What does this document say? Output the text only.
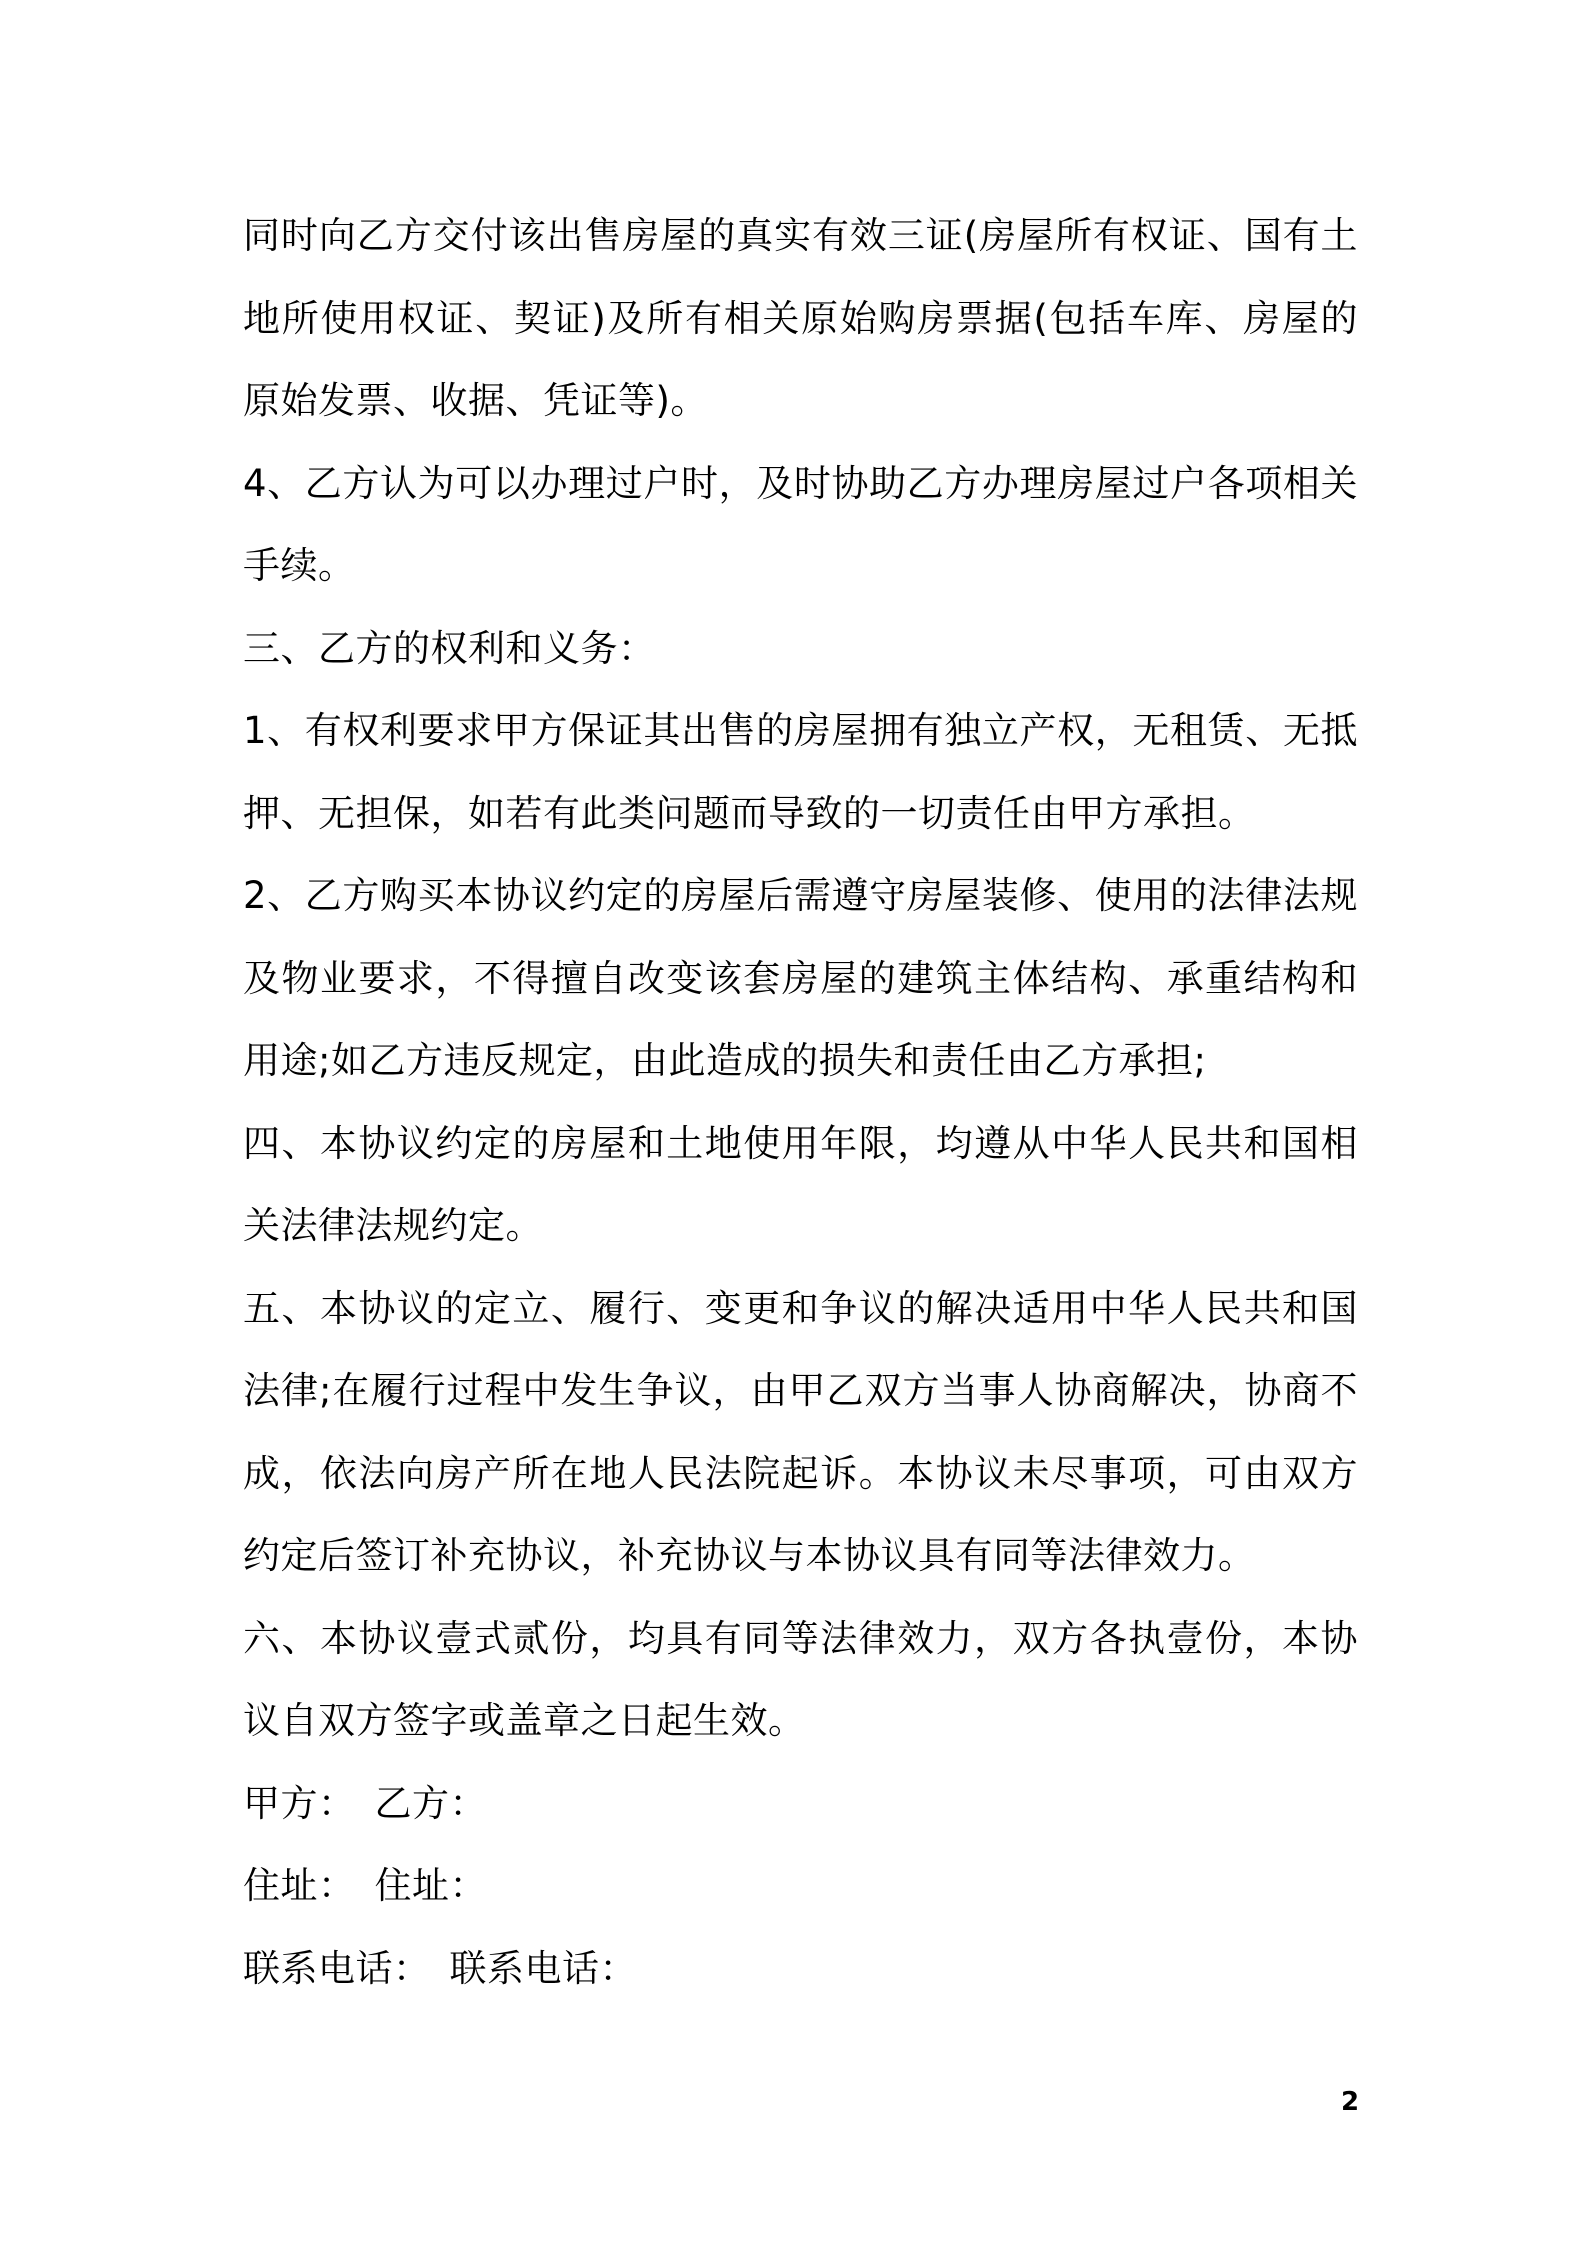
同时向乙方交付该出售房屋的真实有效三证(房屋所有权证、国有土地所使用权证、契证)及所有相关原始购房票据(包括车库、房屋的原始发票、收据、凭证等)。

4、乙方认为可以办理过户时，及时协助乙方办理房屋过户各项相关手续。

三、乙方的权利和义务：

1、有权利要求甲方保证其出售的房屋拥有独立产权，无租赁、无抵押、无担保，如若有此类问题而导致的一切责任由甲方承担。

2、乙方购买本协议约定的房屋后需遵守房屋装修、使用的法律法规及物业要求，不得擅自改变该套房屋的建筑主体结构、承重结构和用途;如乙方违反规定，由此造成的损失和责任由乙方承担;

四、本协议约定的房屋和土地使用年限，均遵从中华人民共和国相关法律法规约定。

五、本协议的定立、履行、变更和争议的解决适用中华人民共和国法律;在履行过程中发生争议，由甲乙双方当事人协商解决，协商不成，依法向房产所在地人民法院起诉。本协议未尽事项，可由双方约定后签订补充协议，补充协议与本协议具有同等法律效力。

六、本协议壹式贰份，均具有同等法律效力，双方各执壹份，本协议自双方签字或盖章之日起生效。

甲方：　乙方：

住址：　住址：

联系电话：　联系电话：

2
